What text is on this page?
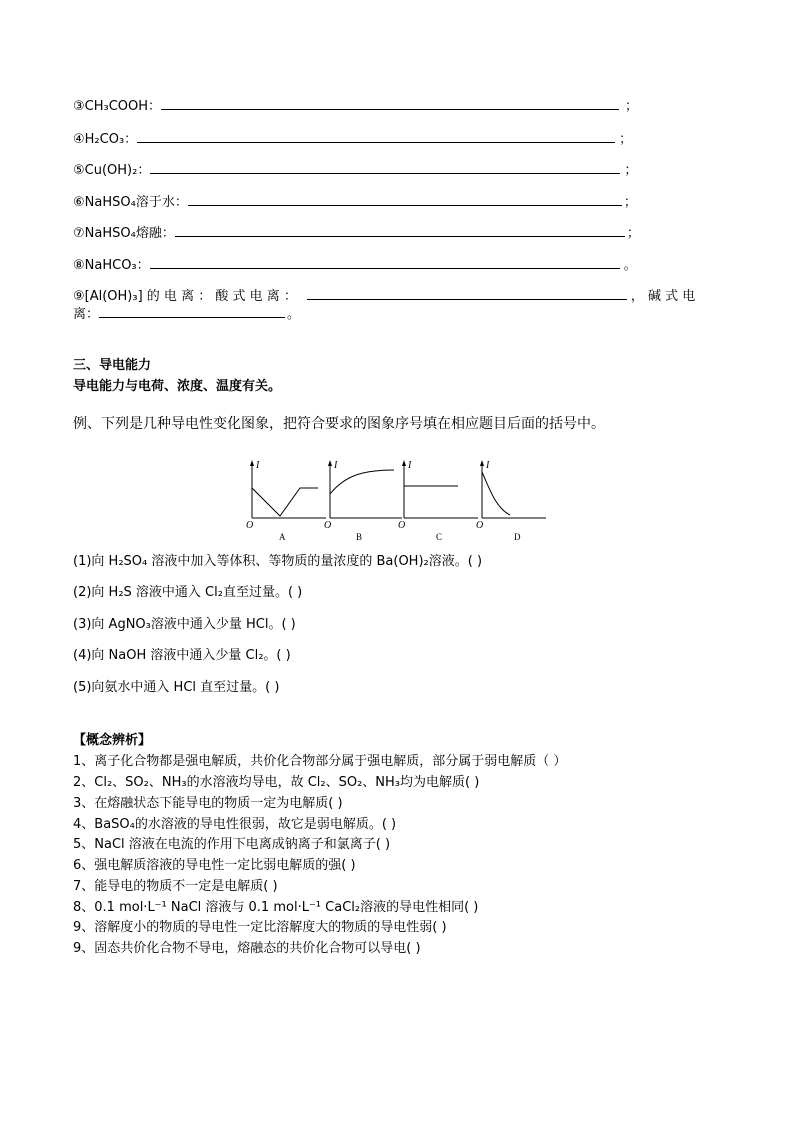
③CH₃COOH：	；
④H₂CO₃：	；
⑤Cu(OH)₂：	；
⑥NaHSO₄溶于水：	；
⑦NaHSO₄熔融：	；
⑧NaHCO₃：	。
⑨[Al(OH)₃] 的 电 离 ： 酸 式 电 离 ：	， 碱 式 电
离：	。
三、导电能力
导电能力与电荷、浓度、温度有关。
例、下列是几种导电性变化图象，把符合要求的图象序号填在相应题目后面的括号中。
I
O
A
I
O
B
I
O
C
I
O
D
(1)向 H₂SO₄ 溶液中加入等体积、等物质的量浓度的 Ba(OH)₂溶液。( )
(2)向 H₂S 溶液中通入 Cl₂直至过量。( )
(3)向 AgNO₃溶液中通入少量 HCl。( )
(4)向 NaOH 溶液中通入少量 Cl₂。( )
(5)向氨水中通入 HCl 直至过量。( )
【概念辨析】
1、离子化合物都是强电解质，共价化合物部分属于强电解质，部分属于弱电解质（ ）
2、Cl₂、SO₂、NH₃的水溶液均导电，故 Cl₂、SO₂、NH₃均为电解质( )
3、在熔融状态下能导电的物质一定为电解质( )
4、BaSO₄的水溶液的导电性很弱，故它是弱电解质。( )
5、NaCl 溶液在电流的作用下电离成钠离子和氯离子( )
6、强电解质溶液的导电性一定比弱电解质的强( )
7、能导电的物质不一定是电解质( )
8、0.1 mol·L⁻¹ NaCl 溶液与 0.1 mol·L⁻¹ CaCl₂溶液的导电性相同( )
9、溶解度小的物质的导电性一定比溶解度大的物质的导电性弱( )
9、固态共价化合物不导电，熔融态的共价化合物可以导电( )
